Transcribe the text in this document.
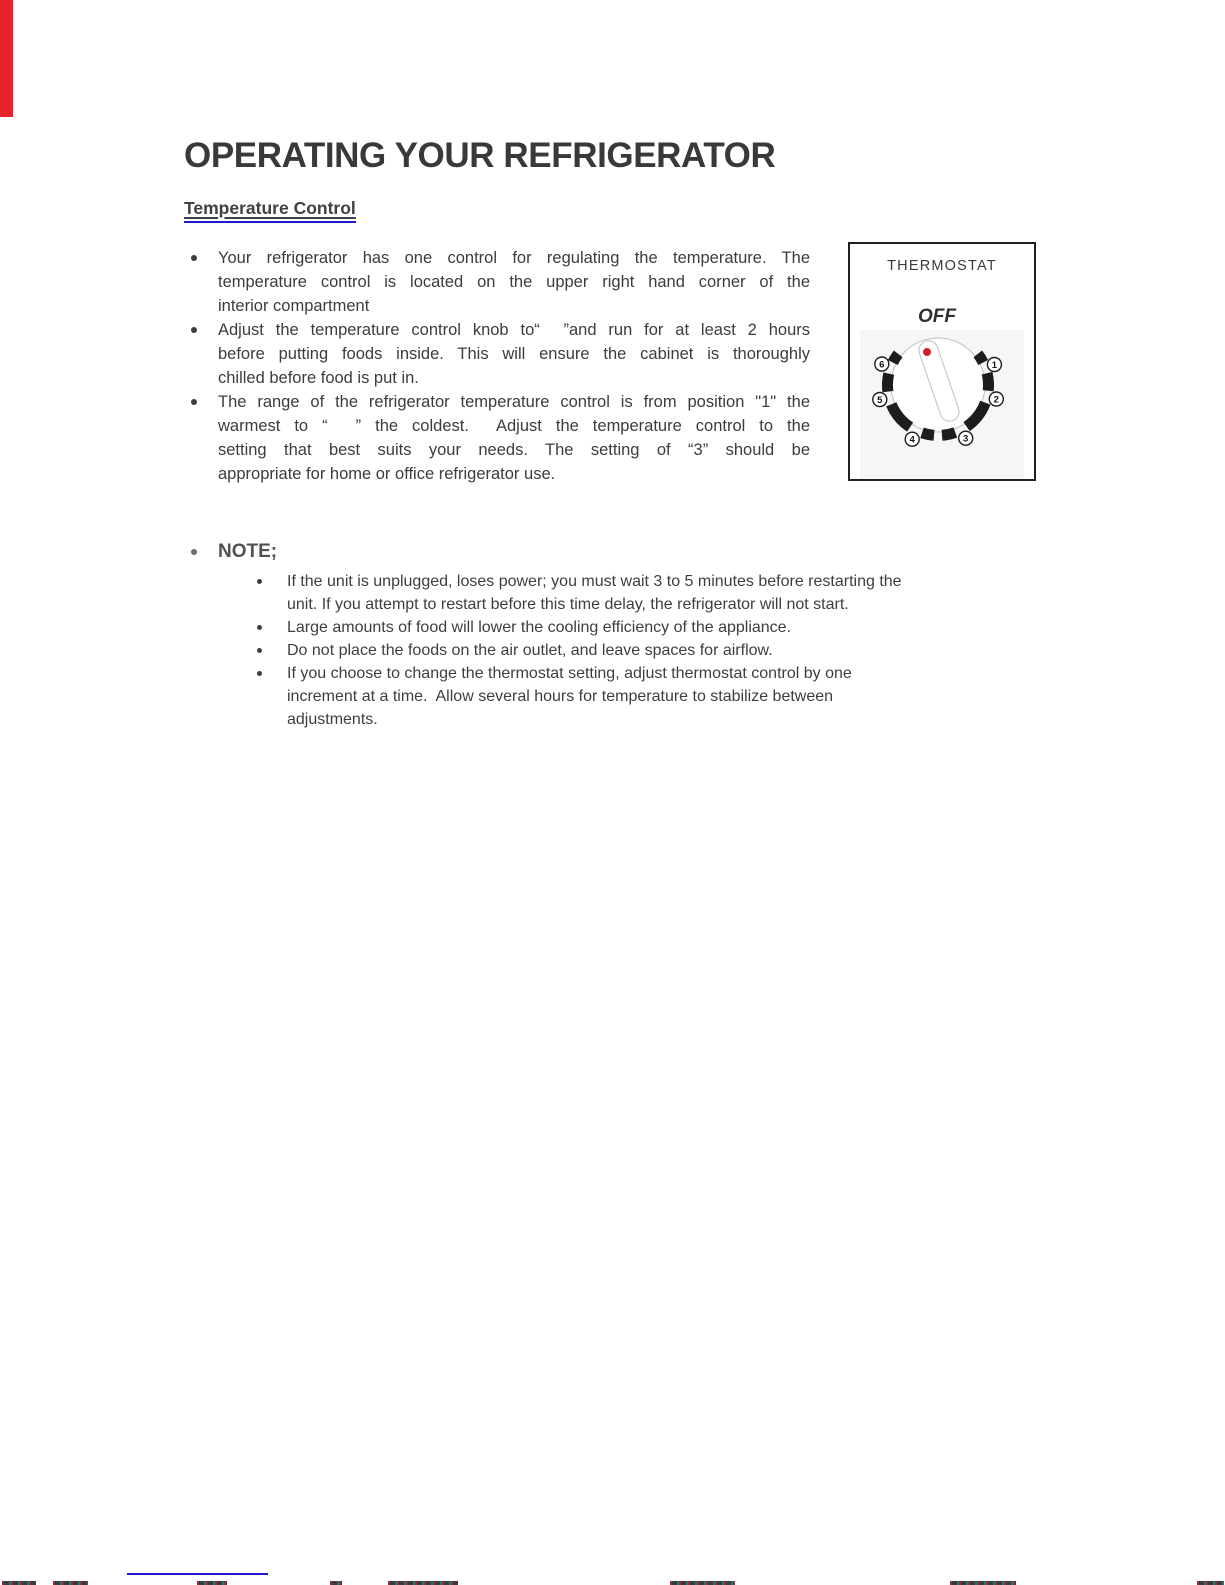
OPERATING YOUR REFRIGERATOR
Temperature Control
Your refrigerator has one control for regulating the temperature. The
temperature control is located on the upper right hand corner of the
interior compartment
Adjust the temperature control knob to“  ”and run for at least 2 hours
before putting foods inside. This will ensure the cabinet is thoroughly
chilled before food is put in.
The range of the refrigerator temperature control is from position "1" the
warmest to “  ” the coldest.  Adjust the temperature control to the
setting that best suits your needs. The setting of “3” should be
appropriate for home or office refrigerator use.
NOTE;
If the unit is unplugged, loses power; you must wait 3 to 5 minutes before restarting the
unit. If you attempt to restart before this time delay, the refrigerator will not start.
Large amounts of food will lower the cooling efficiency of the appliance.
Do not place the foods on the air outlet, and leave spaces for airflow.
If you choose to change the thermostat setting, adjust thermostat control by one
increment at a time.  Allow several hours for temperature to stabilize between
adjustments.
THERMOSTAT
OFF
1
2
3
4
5
6
